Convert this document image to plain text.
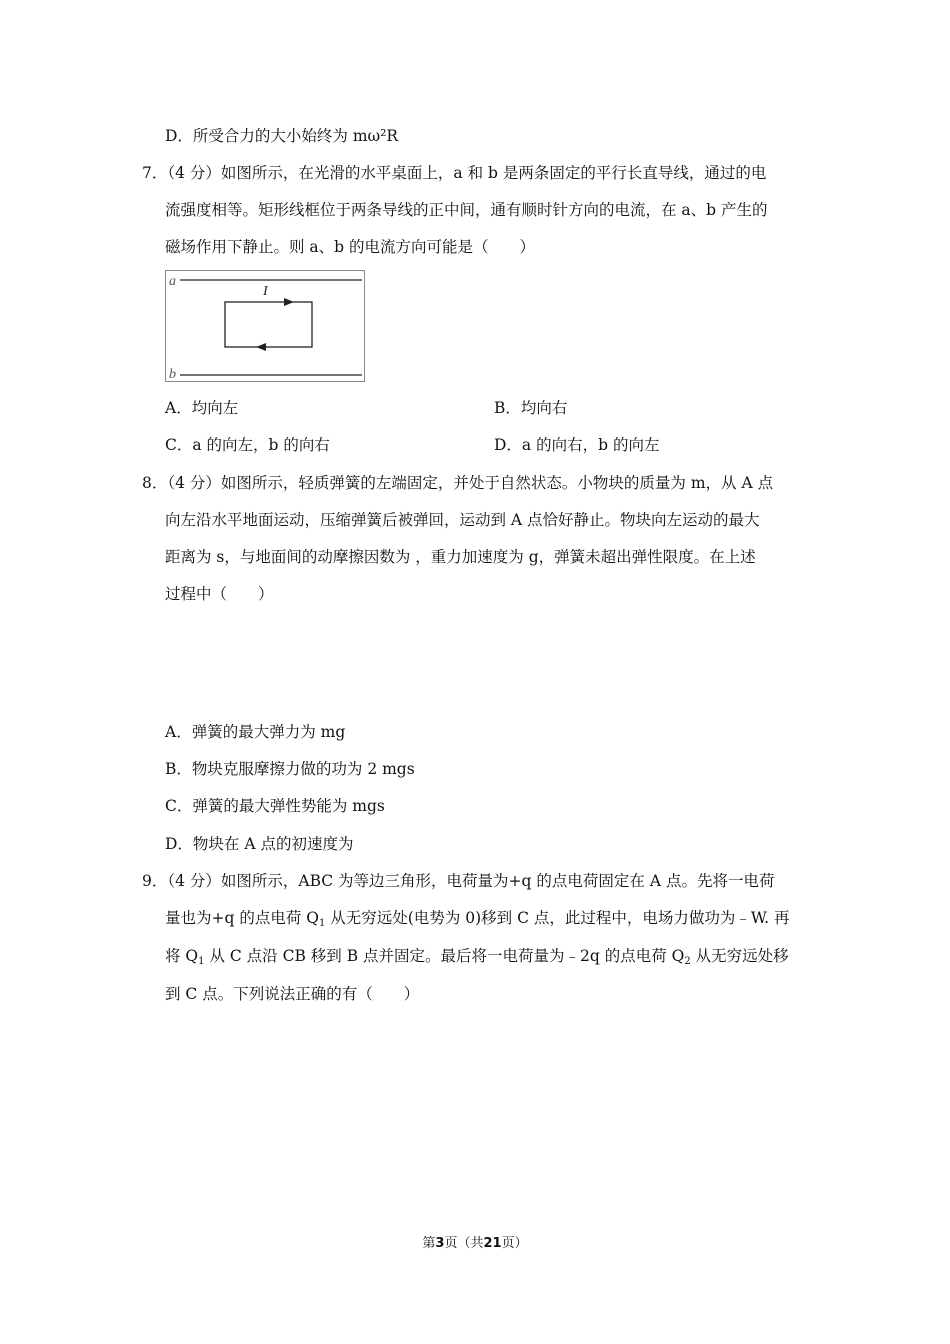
D．所受合力的大小始终为 mω²R
7．（4 分）如图所示，在光滑的水平桌面上，a 和 b 是两条固定的平行长直导线，通过的电
流强度相等。矩形线框位于两条导线的正中间，通有顺时针方向的电流，在 a、b 产生的
磁场作用下静止。则 a、b 的电流方向可能是（　　）
a
b
I
A．均向左	B．均向右
C．a 的向左，b 的向右	D．a 的向右，b 的向左
8．（4 分）如图所示，轻质弹簧的左端固定，并处于自然状态。小物块的质量为 m，从 A 点
向左沿水平地面运动，压缩弹簧后被弹回，运动到 A 点恰好静止。物块向左运动的最大
距离为 s，与地面间的动摩擦因数为 ，重力加速度为 g，弹簧未超出弹性限度。在上述
过程中（　　）
A．弹簧的最大弹力为 mg
B．物块克服摩擦力做的功为 2 mgs
C．弹簧的最大弹性势能为 mgs
D．物块在 A 点的初速度为
9．（4 分）如图所示，ABC 为等边三角形，电荷量为+q 的点电荷固定在 A 点。先将一电荷
量也为+q 的点电荷 $Q_1$ 从无穷远处(电势为 0)移到 C 点，此过程中，电场力做功为﹣W. 再
将 $Q_1$ 从 C 点沿 CB 移到 B 点并固定。最后将一电荷量为﹣2q 的点电荷 $Q_2$ 从无穷远处移
到 C 点。下列说法正确的有（　　）
第3页（共21页）
